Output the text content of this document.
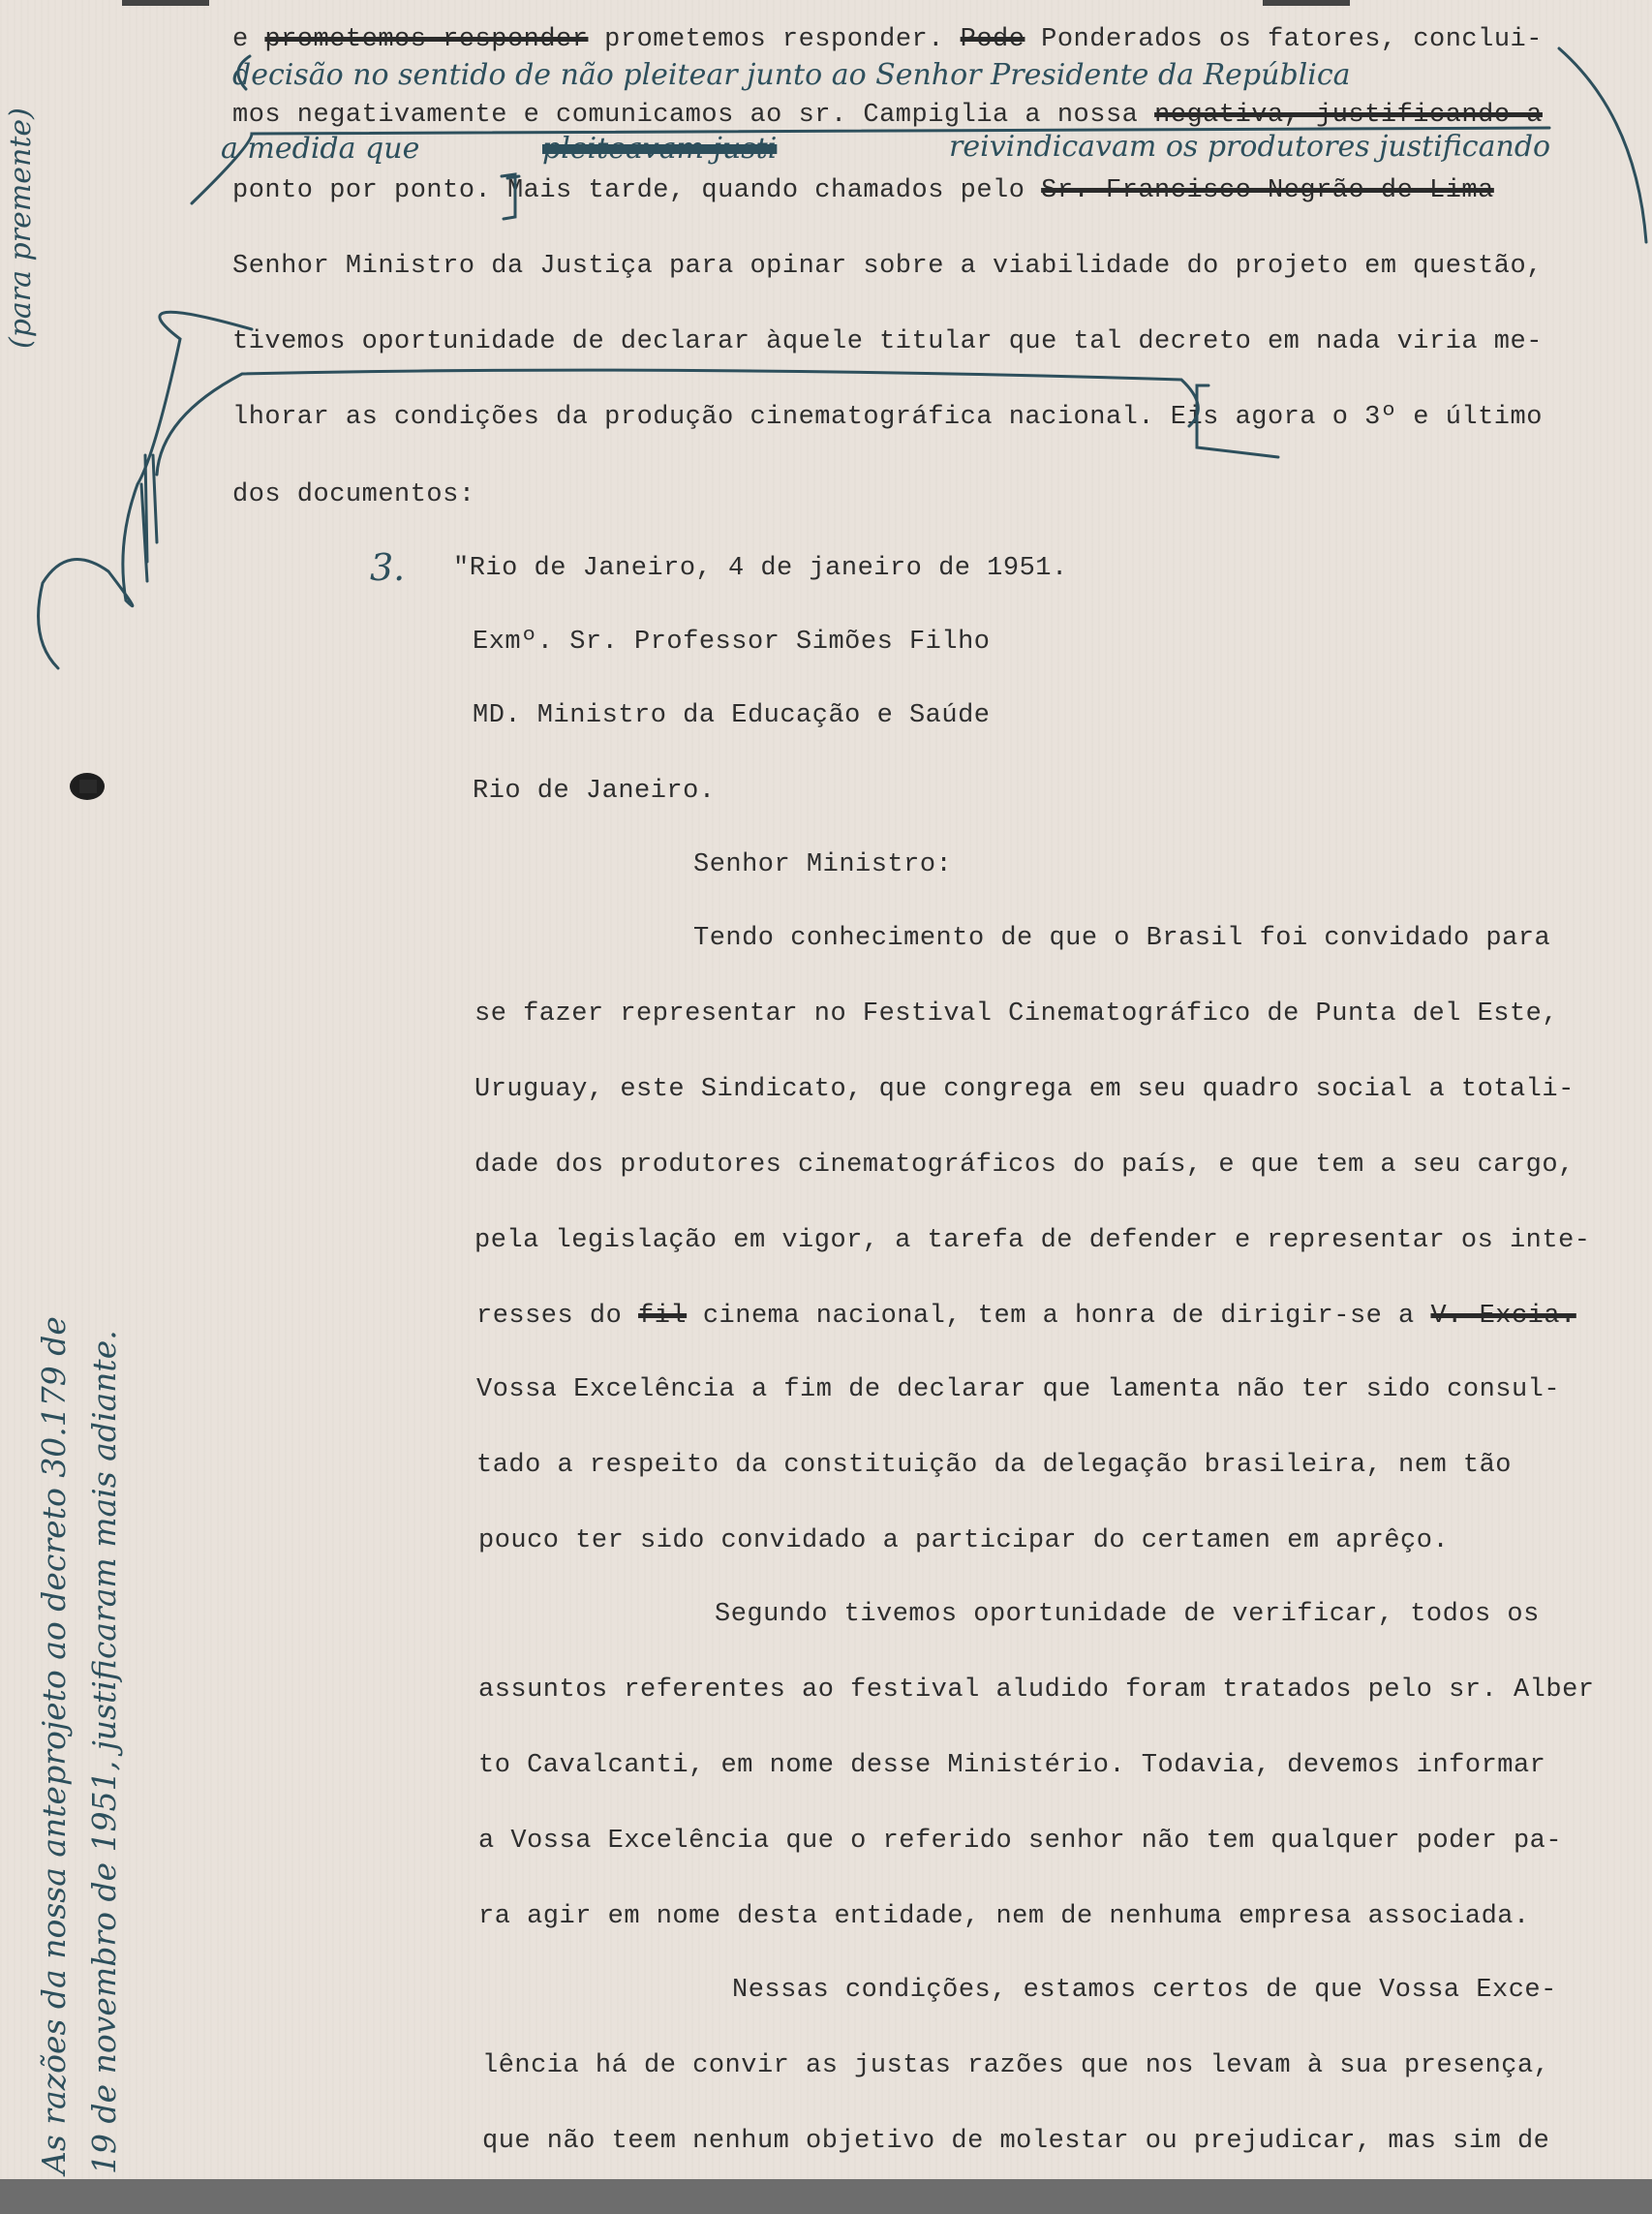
e prometemos responder prometemos responder. Pode Ponderados os fatores, conclui-
mos negativamente e comunicamos ao sr. Campiglia a nossa negativa, justificando-a
ponto por ponto. Mais tarde, quando chamados pelo Sr. Francisco Negrão de Lima
Senhor Ministro da Justiça para opinar sobre a viabilidade do projeto em questão,
tivemos oportunidade de declarar àquele titular que tal decreto em nada viria me-
lhorar as condições da produção cinematográfica nacional. Eis agora o 3º e último
dos documentos:
"Rio de Janeiro, 4 de janeiro de 1951.
Exmº. Sr. Professor Simões Filho
MD. Ministro da Educação e Saúde
Rio de Janeiro.
Senhor Ministro:
Tendo conhecimento de que o Brasil foi convidado para
se fazer representar no Festival Cinematográfico de Punta del Este,
Uruguay, este Sindicato, que congrega em seu quadro social a totali-
dade dos produtores cinematográficos do país, e que tem a seu cargo,
pela legislação em vigor, a tarefa de defender e representar os inte-
resses do fil cinema nacional, tem a honra de dirigir-se a V. Excia.
Vossa Excelência a fim de declarar que lamenta não ter sido consul-
tado a respeito da constituição da delegação brasileira, nem tão
pouco ter sido convidado a participar do certamen em aprêço.
Segundo tivemos oportunidade de verificar, todos os
assuntos referentes ao festival aludido foram tratados pelo sr. Alber
to Cavalcanti, em nome desse Ministério. Todavia, devemos informar
a Vossa Excelência que o referido senhor não tem qualquer poder pa-
ra agir em nome desta entidade, nem de nenhuma empresa associada.
Nessas condições, estamos certos de que Vossa Exce-
lência há de convir as justas razões que nos levam à sua presença,
que não teem nenhum objetivo de molestar ou prejudicar, mas sim de
decisão no sentido de não pleitear junto ao Senhor Presidente da República
a medida que	pleiteavam justi	reivindicavam os produtores justificando
3.
(para premente)
As razões da nossa anteprojeto ao decreto 30.179 de 19 de novembro de 1951, justificaram mais adiante.
